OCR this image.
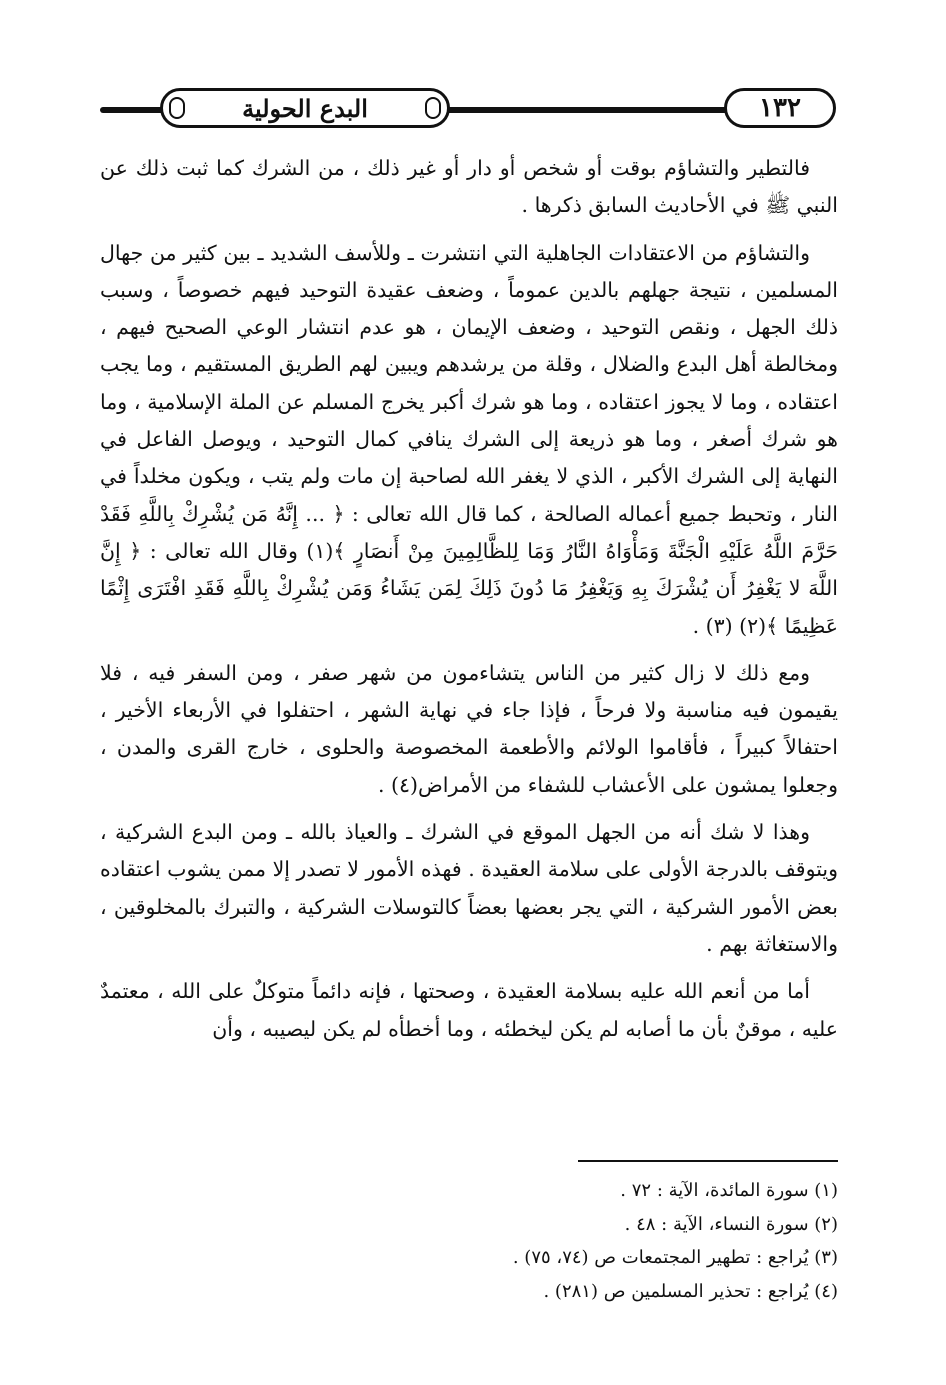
البدع الحولية	١٣٢

فالتطير والتشاؤم بوقت أو شخص أو دار أو غير ذلك ، من الشرك كما ثبت ذلك عن النبي ﷺ في الأحاديث السابق ذكرها .

والتشاؤم من الاعتقادات الجاهلية التي انتشرت ـ وللأسف الشديد ـ بين كثير من جهال المسلمين ، نتيجة جهلهم بالدين عموماً ، وضعف عقيدة التوحيد فيهم خصوصاً ، وسبب ذلك الجهل ، ونقص التوحيد ، وضعف الإيمان ، هو عدم انتشار الوعي الصحيح فيهم ، ومخالطة أهل البدع والضلال ، وقلة من يرشدهم ويبين لهم الطريق المستقيم ، وما يجب اعتقاده ، وما لا يجوز اعتقاده ، وما هو شرك أكبر يخرج المسلم عن الملة الإسلامية ، وما هو شرك أصغر ، وما هو ذريعة إلى الشرك ينافي كمال التوحيد ، ويوصل الفاعل في النهاية إلى الشرك الأكبر ، الذي لا يغفر الله لصاحبة إن مات ولم يتب ، ويكون مخلداً في النار ، وتحبط جميع أعماله الصالحة ، كما قال الله تعالى : ﴿ ... إِنَّهُ مَن يُشْرِكْ بِاللَّهِ فَقَدْ حَرَّمَ اللَّهُ عَلَيْهِ الْجَنَّةَ وَمَأْوَاهُ النَّارُ وَمَا لِلظَّالِمِينَ مِنْ أَنصَارٍ ﴾(١) وقال الله تعالى : ﴿ إِنَّ اللَّهَ لا يَغْفِرُ أَن يُشْرَكَ بِهِ وَيَغْفِرُ مَا دُونَ ذَلِكَ لِمَن يَشَاءُ وَمَن يُشْرِكْ بِاللَّهِ فَقَدِ افْتَرَى إِثْمًا عَظِيمًا ﴾(٢) (٣) .

ومع ذلك لا زال كثير من الناس يتشاءمون من شهر صفر ، ومن السفر فيه ، فلا يقيمون فيه مناسبة ولا فرحاً ، فإذا جاء في نهاية الشهر ، احتفلوا في الأربعاء الأخير ، احتفالاً كبيراً ، فأقاموا الولائم والأطعمة المخصوصة والحلوى ، خارج القرى والمدن ، وجعلوا يمشون على الأعشاب للشفاء من الأمراض(٤) .

وهذا لا شك أنه من الجهل الموقع في الشرك ـ والعياذ بالله ـ ومن البدع الشركية ، ويتوقف بالدرجة الأولى على سلامة العقيدة . فهذه الأمور لا تصدر إلا ممن يشوب اعتقاده بعض الأمور الشركية ، التي يجر بعضها بعضاً كالتوسلات الشركية ، والتبرك بالمخلوقين ، والاستغاثة بهم .

أما من أنعم الله عليه بسلامة العقيدة ، وصحتها ، فإنه دائماً متوكلٌ على الله ، معتمدٌ عليه ، موقنٌ بأن ما أصابه لم يكن ليخطئه ، وما أخطأه لم يكن ليصيبه ، وأن

(١) سورة المائدة، الآية : ٧٢ .

(٢) سورة النساء، الآية : ٤٨ .

(٣) يُراجع : تطهير المجتمعات ص (٧٤، ٧٥) .

(٤) يُراجع : تحذير المسلمين ص (٢٨١) .
